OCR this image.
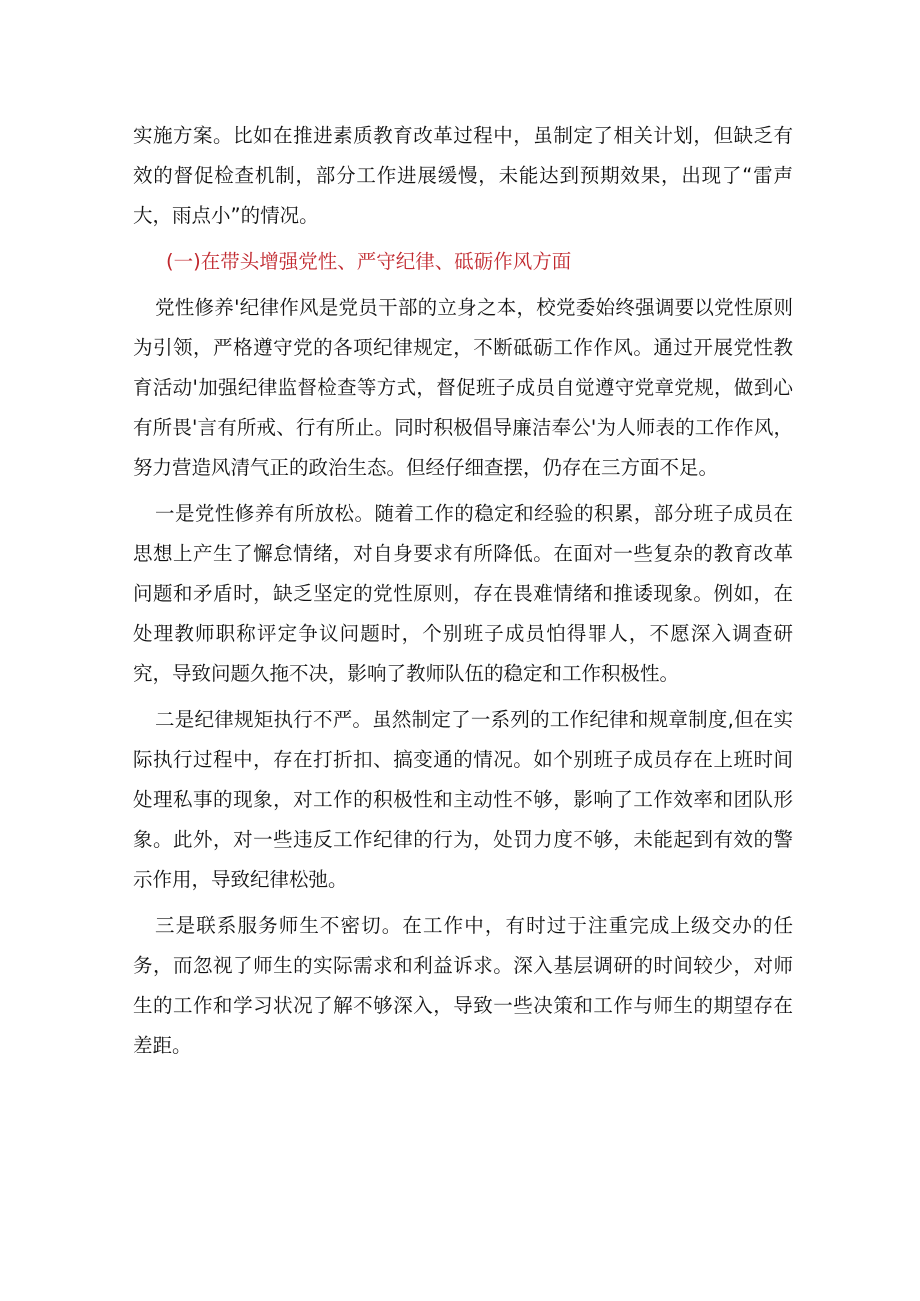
实施方案。比如在推进素质教育改革过程中，虽制定了相关计划，但缺乏有效的督促检查机制，部分工作进展缓慢，未能达到预期效果，出现了“雷声大，雨点小”的情况。

(一)在带头增强党性、严守纪律、砥砺作风方面

党性修养'纪律作风是党员干部的立身之本，校党委始终强调要以党性原则为引领，严格遵守党的各项纪律规定，不断砥砺工作作风。通过开展党性教育活动'加强纪律监督检查等方式，督促班子成员自觉遵守党章党规，做到心有所畏'言有所戒、行有所止。同时积极倡导廉洁奉公'为人师表的工作作风，努力营造风清气正的政治生态。但经仔细查摆，仍存在三方面不足。

一是党性修养有所放松。随着工作的稳定和经验的积累，部分班子成员在思想上产生了懈怠情绪，对自身要求有所降低。在面对一些复杂的教育改革问题和矛盾时，缺乏坚定的党性原则，存在畏难情绪和推诿现象。例如，在处理教师职称评定争议问题时，个别班子成员怕得罪人，不愿深入调查研究，导致问题久拖不决，影响了教师队伍的稳定和工作积极性。

二是纪律规矩执行不严。虽然制定了一系列的工作纪律和规章制度,但在实际执行过程中，存在打折扣、搞变通的情况。如个别班子成员存在上班时间处理私事的现象，对工作的积极性和主动性不够，影响了工作效率和团队形象。此外，对一些违反工作纪律的行为，处罚力度不够，未能起到有效的警示作用，导致纪律松弛。

三是联系服务师生不密切。在工作中，有时过于注重完成上级交办的任务，而忽视了师生的实际需求和利益诉求。深入基层调研的时间较少，对师生的工作和学习状况了解不够深入，导致一些决策和工作与师生的期望存在差距。
